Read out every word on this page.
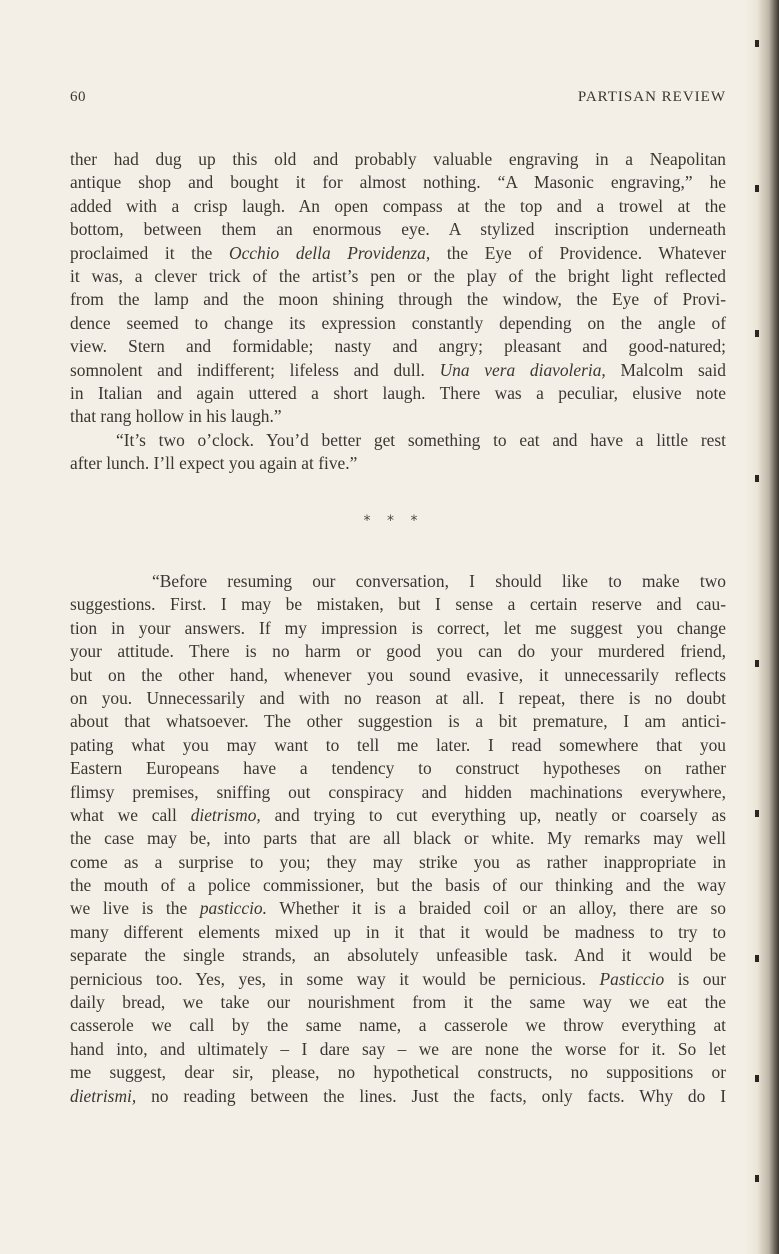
60	PARTISAN REVIEW
ther had dug up this old and probably valuable engraving in a Neapolitan
antique shop and bought it for almost nothing. “A Masonic engraving,” he
added with a crisp laugh. An open compass at the top and a trowel at the
bottom, between them an enormous eye. A stylized inscription underneath
proclaimed it the Occhio della Providenza, the Eye of Providence. Whatever
it was, a clever trick of the artist’s pen or the play of the bright light reflected
from the lamp and the moon shining through the window, the Eye of Provi-
dence seemed to change its expression constantly depending on the angle of
view. Stern and formidable; nasty and angry; pleasant and good-natured;
somnolent and indifferent; lifeless and dull. Una vera diavoleria, Malcolm said
in Italian and again uttered a short laugh. There was a peculiar, elusive note
that rang hollow in his laugh.”
“It’s two o’clock. You’d better get something to eat and have a little rest
after lunch. I’ll expect you again at five.”
* * *
“Before resuming our conversation, I should like to make two
suggestions. First. I may be mistaken, but I sense a certain reserve and cau-
tion in your answers. If my impression is correct, let me suggest you change
your attitude. There is no harm or good you can do your murdered friend,
but on the other hand, whenever you sound evasive, it unnecessarily reflects
on you. Unnecessarily and with no reason at all. I repeat, there is no doubt
about that whatsoever. The other suggestion is a bit premature, I am antici-
pating what you may want to tell me later. I read somewhere that you
Eastern Europeans have a tendency to construct hypotheses on rather
flimsy premises, sniffing out conspiracy and hidden machinations everywhere,
what we call dietrismo, and trying to cut everything up, neatly or coarsely as
the case may be, into parts that are all black or white. My remarks may well
come as a surprise to you; they may strike you as rather inappropriate in
the mouth of a police commissioner, but the basis of our thinking and the way
we live is the pasticcio. Whether it is a braided coil or an alloy, there are so
many different elements mixed up in it that it would be madness to try to
separate the single strands, an absolutely unfeasible task. And it would be
pernicious too. Yes, yes, in some way it would be pernicious. Pasticcio is our
daily bread, we take our nourishment from it the same way we eat the
casserole we call by the same name, a casserole we throw everything at
hand into, and ultimately – I dare say – we are none the worse for it. So let
me suggest, dear sir, please, no hypothetical constructs, no suppositions or
dietrismi, no reading between the lines. Just the facts, only facts. Why do I
